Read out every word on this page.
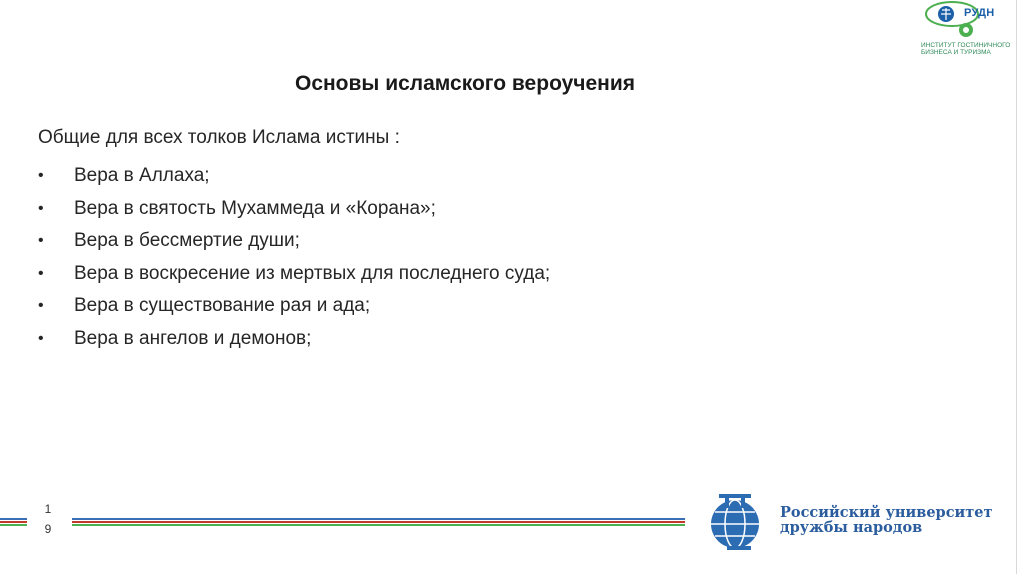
РУДН
ИНСТИТУТ ГОСТИНИЧНОГО БИЗНЕСА И ТУРИЗМА
Основы исламского вероучения
Общие для всех толков Ислама истины :
•	Вера в Аллаха;
•	Вера в святость Мухаммеда и «Корана»;
•	Вера в бессмертие души;
•	Вера в воскресение из мертвых для последнего суда;
•	Вера в существование рая и ада;
•	Вера в ангелов и демонов;
1
9
Российский университет
дружбы народов
